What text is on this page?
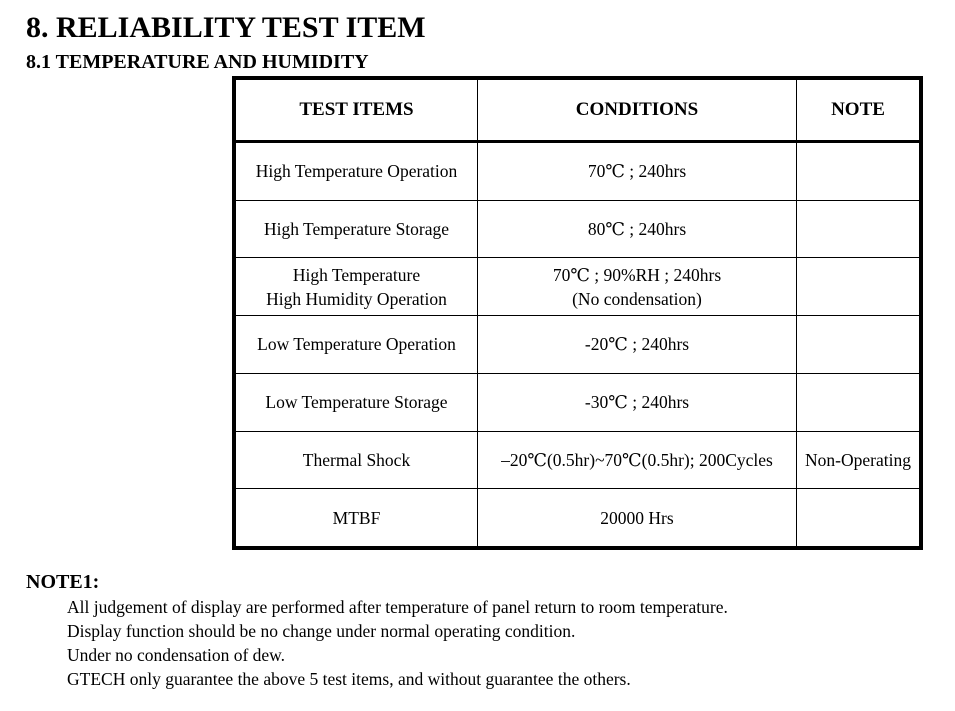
8. RELIABILITY TEST ITEM
8.1 TEMPERATURE AND HUMIDITY
TEST ITEMS	CONDITIONS	NOTE

High Temperature Operation	70℃ ; 240hrs	

High Temperature Storage	80℃ ; 240hrs	

High Temperature
High Humidity Operation	70℃ ; 90%RH ; 240hrs
(No condensation)	

Low Temperature Operation	-20℃ ; 240hrs	

Low Temperature Storage	-30℃ ; 240hrs	

Thermal Shock	–20℃(0.5hr)~70℃(0.5hr); 200Cycles	Non-Operating

MTBF	20000 Hrs	

NOTE1:

All judgement of display are performed after temperature of panel return to room temperature.
Display function should be no change under normal operating condition.
Under no condensation of dew.
GTECH only guarantee the above 5 test items, and without guarantee the others.
